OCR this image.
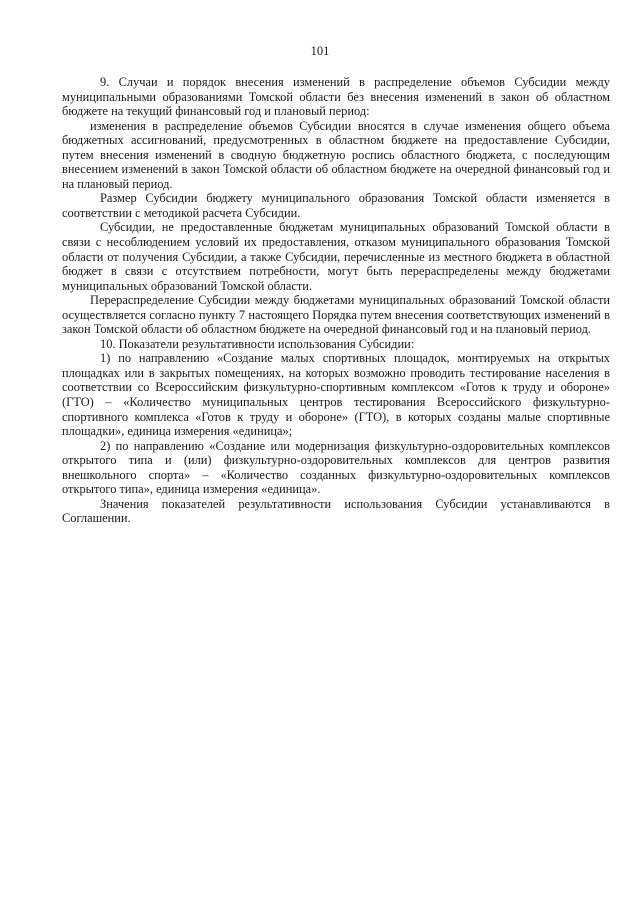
101

9. Случаи и порядок внесения изменений в распределение объемов Субсидии между муниципальными образованиями Томской области без внесения изменений в закон об областном бюджете на текущий финансовый год и плановый период:

изменения в распределение объемов Субсидии вносятся в случае изменения общего объема бюджетных ассигнований, предусмотренных в областном бюджете на предоставление Субсидии, путем внесения изменений в сводную бюджетную роспись областного бюджета, с последующим внесением изменений в закон Томской области об областном бюджете на очередной финансовый год и на плановый период.

Размер Субсидии бюджету муниципального образования Томской области изменяется в соответствии с методикой расчета Субсидии.

Субсидии, не предоставленные бюджетам муниципальных образований Томской области в связи с несоблюдением условий их предоставления, отказом муниципального образования Томской области от получения Субсидии, а также Субсидии, перечисленные из местного бюджета в областной бюджет в связи с отсутствием потребности, могут быть перераспределены между бюджетами муниципальных образований Томской области.

Перераспределение Субсидии между бюджетами муниципальных образований Томской области осуществляется согласно пункту 7 настоящего Порядка путем внесения соответствующих изменений в закон Томской области об областном бюджете на очередной финансовый год и на плановый период.

10. Показатели результативности использования Субсидии:

1) по направлению «Создание малых спортивных площадок, монтируемых на открытых площадках или в закрытых помещениях, на которых возможно проводить тестирование населения в соответствии со Всероссийским физкультурно-спортивным комплексом «Готов к труду и обороне» (ГТО) – «Количество муниципальных центров тестирования Всероссийского физкультурно-спортивного комплекса «Готов к труду и обороне» (ГТО), в которых созданы малые спортивные площадки», единица измерения «единица»;

2) по направлению «Создание или модернизация физкультурно-оздоровительных комплексов открытого типа и (или) физкультурно-оздоровительных комплексов для центров развития внешкольного спорта» – «Количество созданных физкультурно-оздоровительных комплексов открытого типа», единица измерения «единица».

Значения показателей результативности использования Субсидии устанавливаются в Соглашении.
